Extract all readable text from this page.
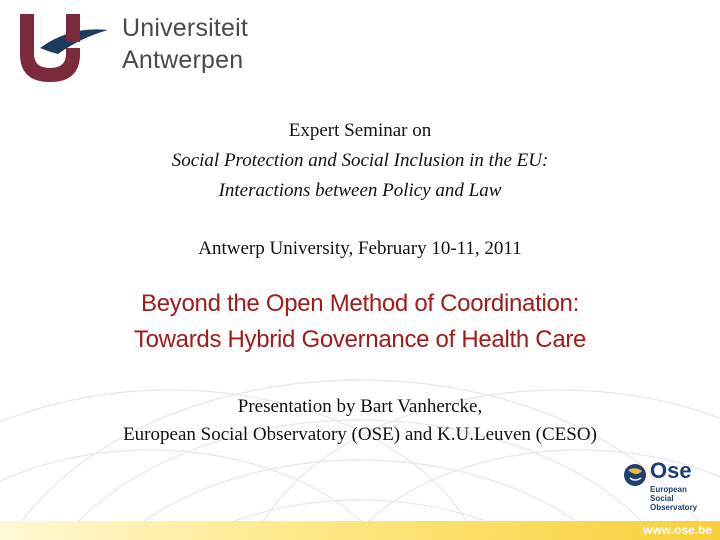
Universiteit
Antwerpen
Expert Seminar on
Social Protection and Social Inclusion in the EU:
Interactions between Policy and Law
Antwerp University, February 10-11, 2011
Beyond the Open Method of Coordination:
Towards Hybrid Governance of Health Care
Presentation by Bart Vanhercke,
European Social Observatory (OSE) and K.U.Leuven (CESO)
Ose
European
Social
Observatory
www.ose.be
